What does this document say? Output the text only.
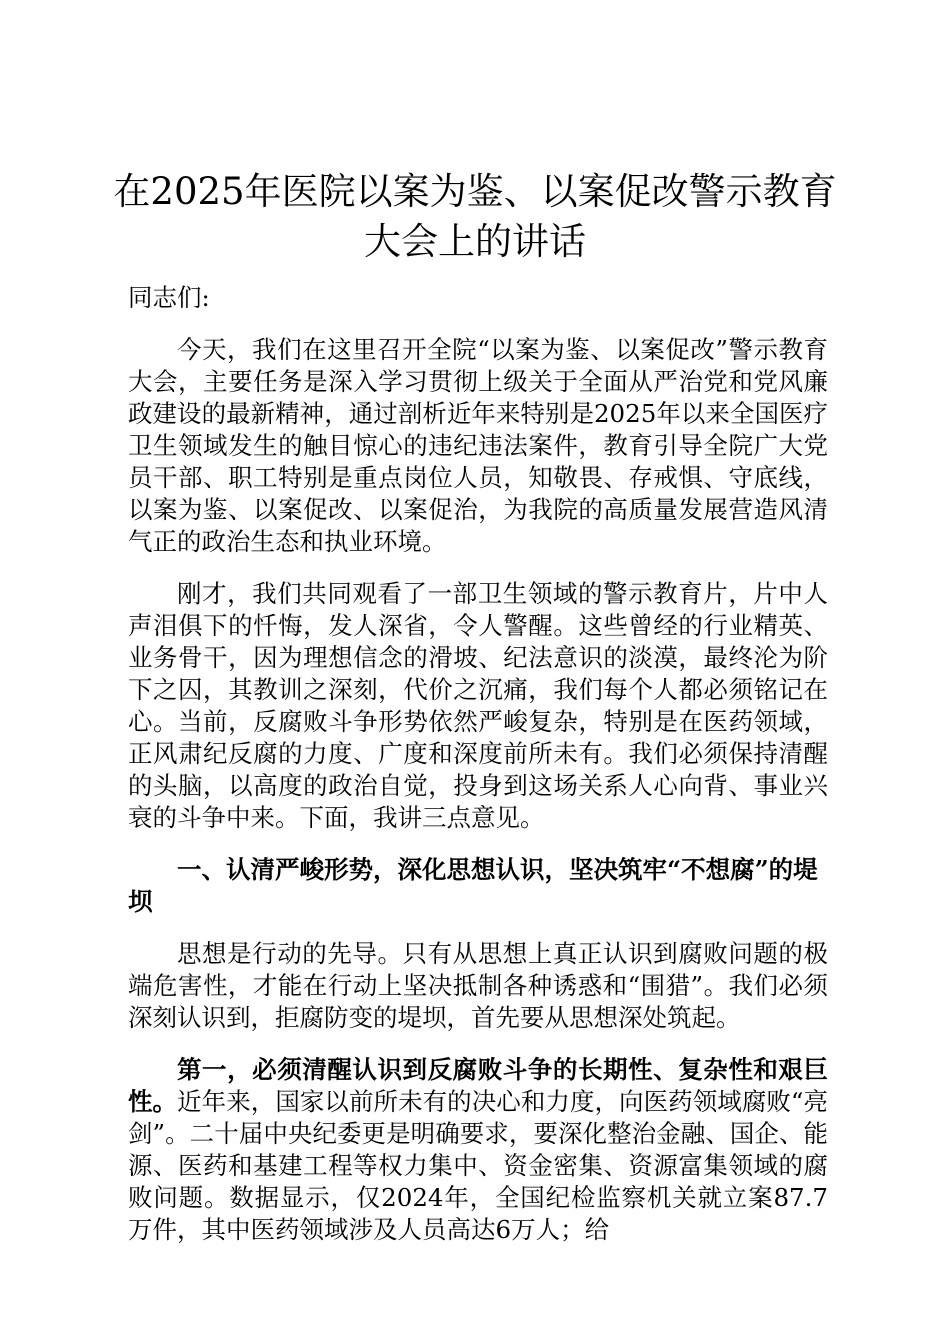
在2025年医院以案为鉴、以案促改警示教育
大会上的讲话

同志们:

今天，我们在这里召开全院“以案为鉴、以案促改”警示教育大会，主要任务是深入学习贯彻上级关于全面从严治党和党风廉政建设的最新精神，通过剖析近年来特别是2025年以来全国医疗卫生领域发生的触目惊心的违纪违法案件，教育引导全院广大党员干部、职工特别是重点岗位人员，知敬畏、存戒惧、守底线，以案为鉴、以案促改、以案促治，为我院的高质量发展营造风清气正的政治生态和执业环境。

刚才，我们共同观看了一部卫生领域的警示教育片，片中人声泪俱下的忏悔，发人深省，令人警醒。这些曾经的行业精英、业务骨干，因为理想信念的滑坡、纪法意识的淡漠，最终沦为阶下之囚，其教训之深刻，代价之沉痛，我们每个人都必须铭记在心。当前，反腐败斗争形势依然严峻复杂，特别是在医药领域，正风肃纪反腐的力度、广度和深度前所未有。我们必须保持清醒的头脑，以高度的政治自觉，投身到这场关系人心向背、事业兴衰的斗争中来。下面，我讲三点意见。

一、认清严峻形势，深化思想认识，坚决筑牢“不想腐”的堤坝

思想是行动的先导。只有从思想上真正认识到腐败问题的极端危害性，才能在行动上坚决抵制各种诱惑和“围猎”。我们必须深刻认识到，拒腐防变的堤坝，首先要从思想深处筑起。

第一，必须清醒认识到反腐败斗争的长期性、复杂性和艰巨性。近年来，国家以前所未有的决心和力度，向医药领域腐败“亮剑”。二十届中央纪委更是明确要求，要深化整治金融、国企、能源、医药和基建工程等权力集中、资金密集、资源富集领域的腐败问题。数据显示，仅2024年，全国纪检监察机关就立案87.7万件，其中医药领域涉及人员高达6万人；给
